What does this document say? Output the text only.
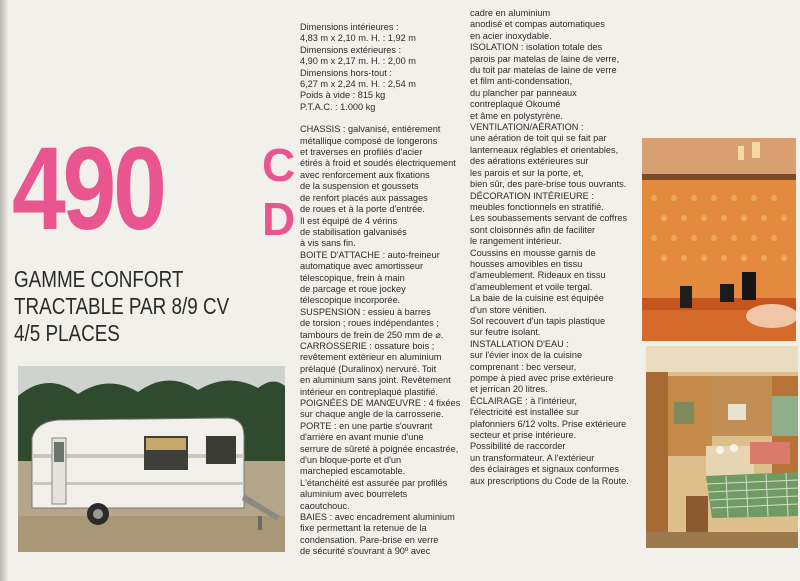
490 C
D
GAMME CONFORT
TRACTABLE PAR 8/9 CV
4/5 PLACES

Dimensions intérieures :

4,83 m x 2,10 m. H. : 1,92 m

Dimensions extérieures :

4,90 m x 2,17 m. H. : 2,00 m

Dimensions hors-tout :

6,27 m x 2,24 m. H. : 2,54 m

Poids à vide : 815 kg

P.T.A.C. : 1.000 kg

CHASSIS : galvanisé, entièrement

métallique composé de longerons

et traverses en profilés d'acier

étirés à froid et soudés électriquement

avec renforcement aux fixations

de la suspension et goussets

de renfort placés aux passages

de roues et à la porte d'entrée.

Il est équipé de 4 vérins

de stabilisation galvanisés

à vis sans fin.

BOITE D'ATTACHE : auto-freineur

automatique avec amortisseur

télescopique, frein à main

de parcage et roue jockey

télescopique incorporée.

SUSPENSION : essieu à barres

de torsion ; roues indépendantes ;

tambours de frein de 250 mm de ⌀.

CARROSSERIE : ossature bois ;

revêtement extérieur en aluminium

prélaqué (Duralinox) nervuré. Toit

en aluminium sans joint. Revêtement

intérieur en contreplaqué plastifié.

POIGNÉES DE MANŒUVRE : 4 fixées

sur chaque angle de la carrosserie.

PORTE : en une partie s'ouvrant

d'arrière en avant munie d'une

serrure de sûreté à poignée encastrée,

d'un bloque-porte et d'un

marchepied escamotable.

L'étanchéité est assurée par profilés

aluminium avec bourrelets

caoutchouc.

BAIES : avec encadrement aluminium

fixe permettant la retenue de la

condensation. Pare-brise en verre

de sécurité s'ouvrant à 90º avec

cadre en aluminium

anodisé et compas automatiques

en acier inoxydable.

ISOLATION : isolation totale des

parois par matelas de laine de verre,

du toit par matelas de laine de verre

et film anti-condensation,

du plancher par panneaux

contreplaqué Okoumé

et âme en polystyrène.

VENTILATION/AÉRATION :

une aération de toit qui se fait par

lanterneaux réglables et orientables,

des aérations extérieures sur

les parois et sur la porte, et,

bien sûr, des pare-brise tous ouvrants.

DÉCORATION INTÉRIEURE :

meubles fonctionnels en stratifié.

Les soubassements servant de coffres

sont cloisonnés afin de faciliter

le rangement intérieur.

Coussins en mousse garnis de

housses amovibles en tissu

d'ameublement. Rideaux en tissu

d'ameublement et voile tergal.

La baie de la cuisine est équipée

d'un store vénitien.

Sol recouvert d'un tapis plastique

sur feutre isolant.

INSTALLATION D'EAU :

sur l'évier inox de la cuisine

comprenant : bec verseur,

pompe à pied avec prise extérieure

et jerrican 20 litres.

ÉCLAIRAGE : à l'intérieur,

l'électricité est installée sur

plafonniers 6/12 volts. Prise extérieure

secteur et prise intérieure.

Possibilité de raccorder

un transformateur. A l'extérieur

des éclairages et signaux conformes

aux prescriptions du Code de la Route.
